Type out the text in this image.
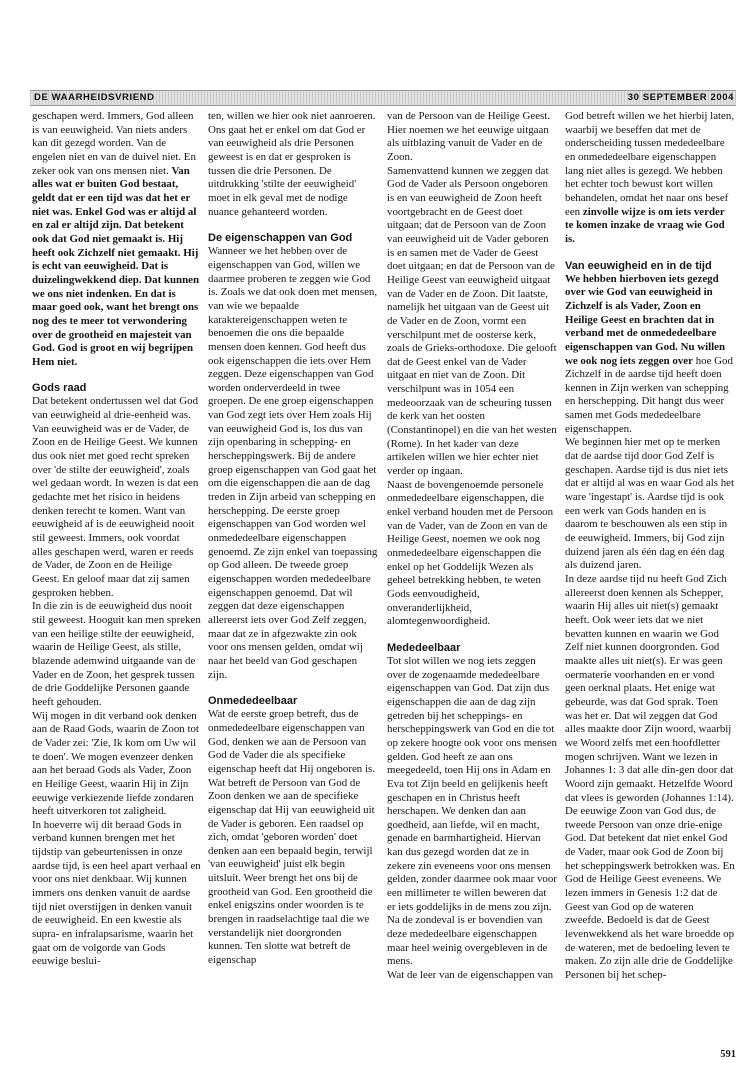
DE WAARHEIDSVRIEND	30 SEPTEMBER 2004

geschapen werd. Immers, God alleen is van eeuwigheid. Van niets anders kan dit gezegd worden. Van de engelen niet en van de duivel niet. En zeker ook van ons mensen niet. Van alles wat er buiten God bestaat, geldt dat er een tijd was dat het er niet was. Enkel God was er altijd al en zal er altijd zijn. Dat betekent ook dat God niet gemaakt is. Hij heeft ook Zichzelf niet gemaakt. Hij is echt van eeuwigheid. Dat is duizelingwekkend diep. Dat kunnen we ons niet indenken. En dat is maar goed ook, want het brengt ons nog des te meer tot verwondering over de grootheid en majesteit van God. God is groot en wij begrijpen Hem niet.

Gods raad

Dat betekent ondertussen wel dat God van eeuwigheid al drie-eenheid was. Van eeuwigheid was er de Vader, de Zoon en de Heilige Geest. We kunnen dus ook niet met goed recht spreken over 'de stilte der eeuwigheid', zoals wel gedaan wordt. In wezen is dat een gedachte met het risico in heidens denken terecht te komen. Want van eeuwigheid af is de eeuwigheid nooit stil geweest. Immers, ook voordat alles geschapen werd, waren er reeds de Vader, de Zoon en de Heilige Geest. En geloof maar dat zij samen gesproken hebben.

In die zin is de eeuwigheid dus nooit stil geweest. Hooguit kan men spreken van een heilige stilte der eeuwigheid, waarin de Heilige Geest, als stille, blazende ademwind uitgaande van de Vader en de Zoon, het gesprek tussen de drie Goddelijke Personen gaande heeft gehouden.

Wij mogen in dit verband ook denken aan de Raad Gods, waarin de Zoon tot de Vader zei: 'Zie, Ik kom om Uw wil te doen'. We mogen evenzeer denken aan het beraad Gods als Vader, Zoon en Heilige Geest, waarin Hij in Zijn eeuwige verkiezende liefde zondaren heeft uitverkoren tot zaligheid.

In hoeverre wij dit beraad Gods in verband kunnen brengen met het tijdstip van gebeurtenissen in onze aardse tijd, is een heel apart verhaal en voor ons niet denkbaar. Wij kunnen immers ons denken vanuit de aardse tijd niet overstijgen in denken vanuit de eeuwigheid. En een kwestie als supra- en infralapsarisme, waarin het gaat om de volgorde van Gods eeuwige beslui-

ten, willen we hier ook niet aanroeren. Ons gaat het er enkel om dat God er van eeuwigheid als drie Personen geweest is en dat er gesproken is tussen die drie Personen. De uitdrukking 'stilte der eeuwigheid' moet in elk geval met de nodige nuance gehanteerd worden.

De eigenschappen van God

Wanneer we het hebben over de eigenschappen van God, willen we daarmee proberen te zeggen wie God is. Zoals we dat ook doen met mensen, van wie we bepaalde karaktereigenschappen weten te benoemen die ons die bepaalde mensen doen kennen. God heeft dus ook eigenschappen die iets over Hem zeggen. Deze eigenschappen van God worden onderverdeeld in twee groepen. De ene groep eigenschappen van God zegt iets over Hem zoals Hij van eeuwigheid God is, los dus van zijn openbaring in schepping- en herscheppingswerk. Bij de andere groep eigenschappen van God gaat het om die eigenschappen die aan de dag treden in Zijn arbeid van schepping en herschepping. De eerste groep eigenschappen van God worden wel onmededeelbare eigenschappen genoemd. Ze zijn enkel van toepassing op God alleen. De tweede groep eigenschappen worden mededeelbare eigenschappen genoemd. Dat wil zeggen dat deze eigenschappen allereerst iets over God Zelf zeggen, maar dat ze in afgezwakte zin ook voor ons mensen gelden, omdat wij naar het beeld van God geschapen zijn.

Onmededeelbaar

Wat de eerste groep betreft, dus de onmededeelbare eigenschappen van God, denken we aan de Persoon van God de Vader die als specifieke eigenschap heeft dat Hij ongeboren is. Wat betreft de Persoon van God de Zoon denken we aan de specifieke eigenschap dat Hij van eeuwigheid uit de Vader is geboren. Een raadsel op zich, omdat 'geboren worden' doet denken aan een bepaald begin, terwijl 'van eeuwigheid' juist elk begin uitsluit. Weer brengt het ons bij de grootheid van God. Een grootheid die enkel enigszins onder woorden is te brengen in raadselachtige taal die we verstandelijk niet doorgronden kunnen. Ten slotte wat betreft de eigenschap

van de Persoon van de Heilige Geest. Hier noemen we het eeuwige uitgaan als uitblazing vanuit de Vader en de Zoon.

Samenvattend kunnen we zeggen dat God de Vader als Persoon ongeboren is en van eeuwigheid de Zoon heeft voortgebracht en de Geest doet uitgaan; dat de Persoon van de Zoon van eeuwigheid uit de Vader geboren is en samen met de Vader de Geest doet uitgaan; en dat de Persoon van de Heilige Geest van eeuwigheid uitgaat van de Vader en de Zoon. Dit laatste, namelijk het uitgaan van de Geest uit de Vader en de Zoon, vormt een verschilpunt met de oosterse kerk, zoals de Grieks-orthodoxe. Die gelooft dat de Geest enkel van de Vader uitgaat en niet van de Zoon. Dit verschilpunt was in 1054 een medeoorzaak van de scheuring tussen de kerk van het oosten (Constantinopel) en die van het westen (Rome). In het kader van deze artikelen willen we hier echter niet verder op ingaan.

Naast de bovengenoemde personele onmededeelbare eigenschappen, die enkel verband houden met de Persoon van de Vader, van de Zoon en van de Heilige Geest, noemen we ook nog onmededeelbare eigenschappen die enkel op het Goddelijk Wezen als geheel betrekking hebben, te weten Gods eenvoudigheid, onveranderlijkheid, alomtegenwoordigheid.

Mededeelbaar

Tot slot willen we nog iets zeggen over de zogenaamde mededeelbare eigenschappen van God. Dat zijn dus eigenschappen die aan de dag zijn getreden bij het scheppings- en herscheppingswerk van God en die tot op zekere hoogte ook voor ons mensen gelden. God heeft ze aan ons meegedeeld, toen Hij ons in Adam en Eva tot Zijn beeld en gelijkenis heeft geschapen en in Christus heeft herschapen. We denken dan aan goedheid, aan liefde, wil en macht, genade en barmhartigheid. Hiervan kan dus gezegd worden dat ze in zekere zin eveneens voor ons mensen gelden, zonder daarmee ook maar voor een millimeter te willen beweren dat er iets goddelijks in de mens zou zijn. Na de zondeval is er bovendien van deze mededeelbare eigenschappen maar heel weinig overgebleven in de mens.

Wat de leer van de eigenschappen van

God betreft willen we het hierbij laten, waarbij we beseffen dat met de onderscheiding tussen mededeelbare en onmededeelbare eigenschappen lang niet alles is gezegd. We hebben het echter toch bewust kort willen behandelen, omdat het naar ons besef een zinvolle wijze is om iets verder te komen inzake de vraag wie God is.

Van eeuwigheid en in de tijd

We hebben hierboven iets gezegd over wie God van eeuwigheid in Zichzelf is als Vader, Zoon en Heilige Geest en brachten dat in verband met de onmededeelbare eigenschappen van God. Nu willen we ook nog iets zeggen over hoe God Zichzelf in de aardse tijd heeft doen kennen in Zijn werken van schepping en herschepping. Dit hangt dus weer samen met Gods mededeelbare eigenschappen.

We beginnen hier met op te merken dat de aardse tijd door God Zelf is geschapen. Aardse tijd is dus niet iets dat er altijd al was en waar God als het ware 'ingestapt' is. Aardse tijd is ook een werk van Gods handen en is daarom te beschouwen als een stip in de eeuwigheid. Immers, bij God zijn duizend jaren als één dag en één dag als duizend jaren.

In deze aardse tijd nu heeft God Zich allereerst doen kennen als Schepper, waarin Hij alles uit niet(s) gemaakt heeft. Ook weer iets dat we niet bevatten kunnen en waarin we God Zelf niet kunnen doorgronden. God maakte alles uit niet(s). Er was geen oermaterie voorhanden en er vond geen oerknal plaats. Het enige wat gebeurde, was dat God sprak. Toen was het er. Dat wil zeggen dat God alles maakte door Zijn woord, waarbij we Woord zelfs met een hoofdletter mogen schrijven. Want we lezen in Johannes 1: 3 dat alle din-gen door dat Woord zijn gemaakt. Hetzelfde Woord dat vlees is geworden (Johannes 1:14). De eeuwige Zoon van God dus, de tweede Persoon van onze drie-enige God. Dat betekent dat niet enkel God de Vader, maar ook God de Zoon bij het scheppingswerk betrokken was. En God de Heilige Geest eveneens. We lezen immers in Genesis 1:2 dat de Geest van God op de wateren zweefde. Bedoeld is dat de Geest levenwekkend als het ware broedde op de wateren, met de bedoeling leven te maken. Zo zijn alle drie de Goddelijke Personen bij het schep-

591
